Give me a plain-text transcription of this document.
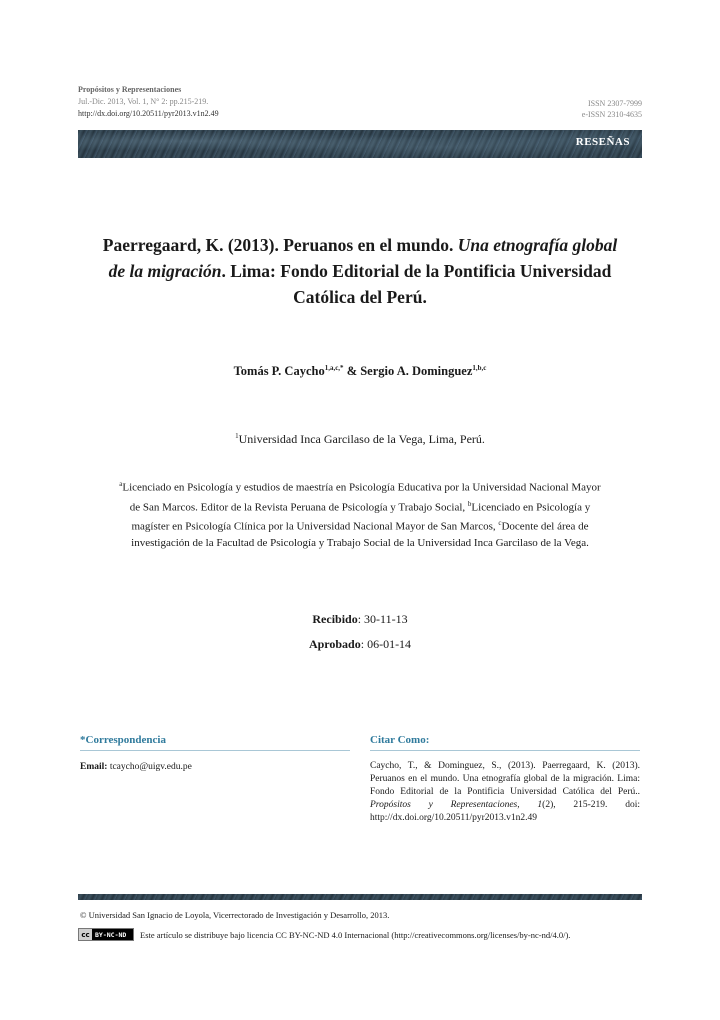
Propósitos y Representaciones
Jul.-Dic. 2013, Vol. 1, N° 2: pp.215-219.
http://dx.doi.org/10.20511/pyr2013.v1n2.49
ISSN 2307-7999
e-ISSN 2310-4635
RESEÑAS
Paerregaard, K. (2013). Peruanos en el mundo. Una etnografía global de la migración. Lima: Fondo Editorial de la Pontificia Universidad Católica del Perú.
Tomás P. Caycho$^{1,a,c,*}$ & Sergio A. Dominguez$^{1,b,c}$
$^1$Universidad Inca Garcilaso de la Vega, Lima, Perú.
$^a$Licenciado en Psicología y estudios de maestría en Psicología Educativa por la Universidad Nacional Mayor de San Marcos. Editor de la Revista Peruana de Psicología y Trabajo Social, $^b$Licenciado en Psicología y magíster en Psicología Clínica por la Universidad Nacional Mayor de San Marcos, $^c$Docente del área de investigación de la Facultad de Psicología y Trabajo Social de la Universidad Inca Garcilaso de la Vega.
Recibido: 30-11-13
Aprobado: 06-01-14
*Correspondencia
Email: tcaycho@uigv.edu.pe
Citar Como:
Caycho, T., & Dominguez, S., (2013). Paerregaard, K. (2013). Peruanos en el mundo. Una etnografía global de la migración. Lima: Fondo Editorial de la Pontificia Universidad Católica del Perú.. Propósitos y Representaciones, 1(2), 215-219. doi: http://dx.doi.org/10.20511/pyr2013.v1n2.49
© Universidad San Ignacio de Loyola, Vicerrectorado de Investigación y Desarrollo, 2013.
cc BY-NC-ND Este artículo se distribuye bajo licencia CC BY-NC-ND 4.0 Internacional (http://creativecommons.org/licenses/by-nc-nd/4.0/).
